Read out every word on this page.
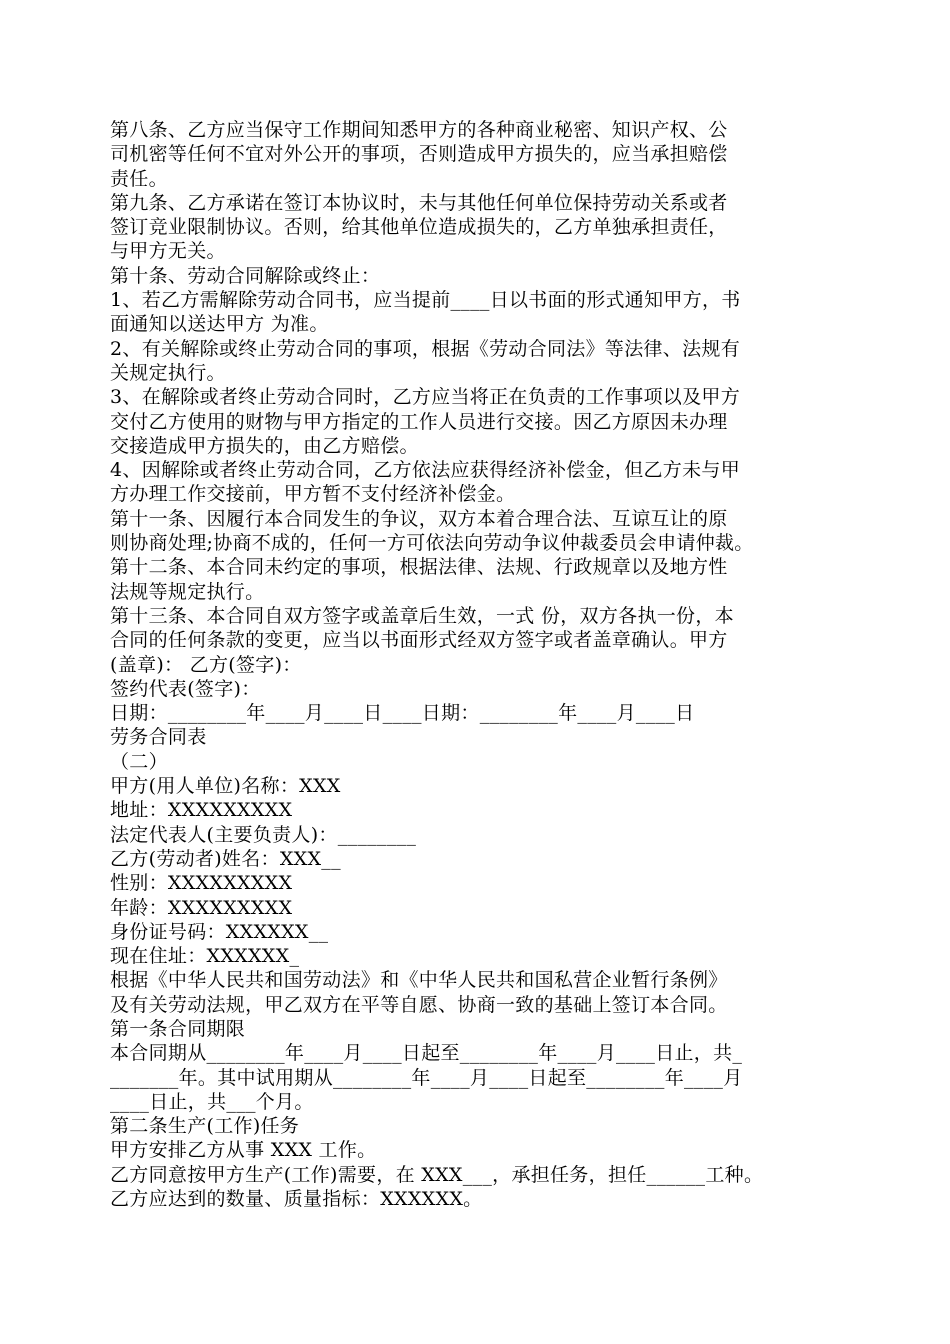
第八条、乙方应当保守工作期间知悉甲方的各种商业秘密、知识产权、公
司机密等任何不宜对外公开的事项，否则造成甲方损失的，应当承担赔偿
责任。
第九条、乙方承诺在签订本协议时，未与其他任何单位保持劳动关系或者
签订竞业限制协议。否则，给其他单位造成损失的，乙方单独承担责任，
与甲方无关。
第十条、劳动合同解除或终止：
1、若乙方需解除劳动合同书，应当提前____日以书面的形式通知甲方，书
面通知以送达甲方 为准。
2、有关解除或终止劳动合同的事项，根据《劳动合同法》等法律、法规有
关规定执行。
3、在解除或者终止劳动合同时，乙方应当将正在负责的工作事项以及甲方
交付乙方使用的财物与甲方指定的工作人员进行交接。因乙方原因未办理
交接造成甲方损失的，由乙方赔偿。
4、因解除或者终止劳动合同，乙方依法应获得经济补偿金，但乙方未与甲
方办理工作交接前，甲方暂不支付经济补偿金。
第十一条、因履行本合同发生的争议，双方本着合理合法、互谅互让的原
则协商处理;协商不成的，任何一方可依法向劳动争议仲裁委员会申请仲裁。
第十二条、本合同未约定的事项，根据法律、法规、行政规章以及地方性
法规等规定执行。
第十三条、本合同自双方签字或盖章后生效，一式 份，双方各执一份，本
合同的任何条款的变更，应当以书面形式经双方签字或者盖章确认。甲方
(盖章)： 乙方(签字)：
签约代表(签字)：
日期：________年____月____日____日期：________年____月____日
劳务合同表
（二）
甲方(用人单位)名称：XXX
地址：XXXXXXXXX
法定代表人(主要负责人)：________
乙方(劳动者)姓名：XXX__
性别：XXXXXXXXX
年龄：XXXXXXXXX
身份证号码：XXXXXX__
现在住址：XXXXXX_
根据《中华人民共和国劳动法》和《中华人民共和国私营企业暂行条例》
及有关劳动法规，甲乙双方在平等自愿、协商一致的基础上签订本合同。
第一条合同期限
本合同期从________年____月____日起至________年____月____日止，共_
_______年。其中试用期从________年____月____日起至________年____月
____日止，共___个月。
第二条生产(工作)任务
甲方安排乙方从事 XXX 工作。
乙方同意按甲方生产(工作)需要，在 XXX___，承担任务，担任______工种。
乙方应达到的数量、质量指标：XXXXXX。
